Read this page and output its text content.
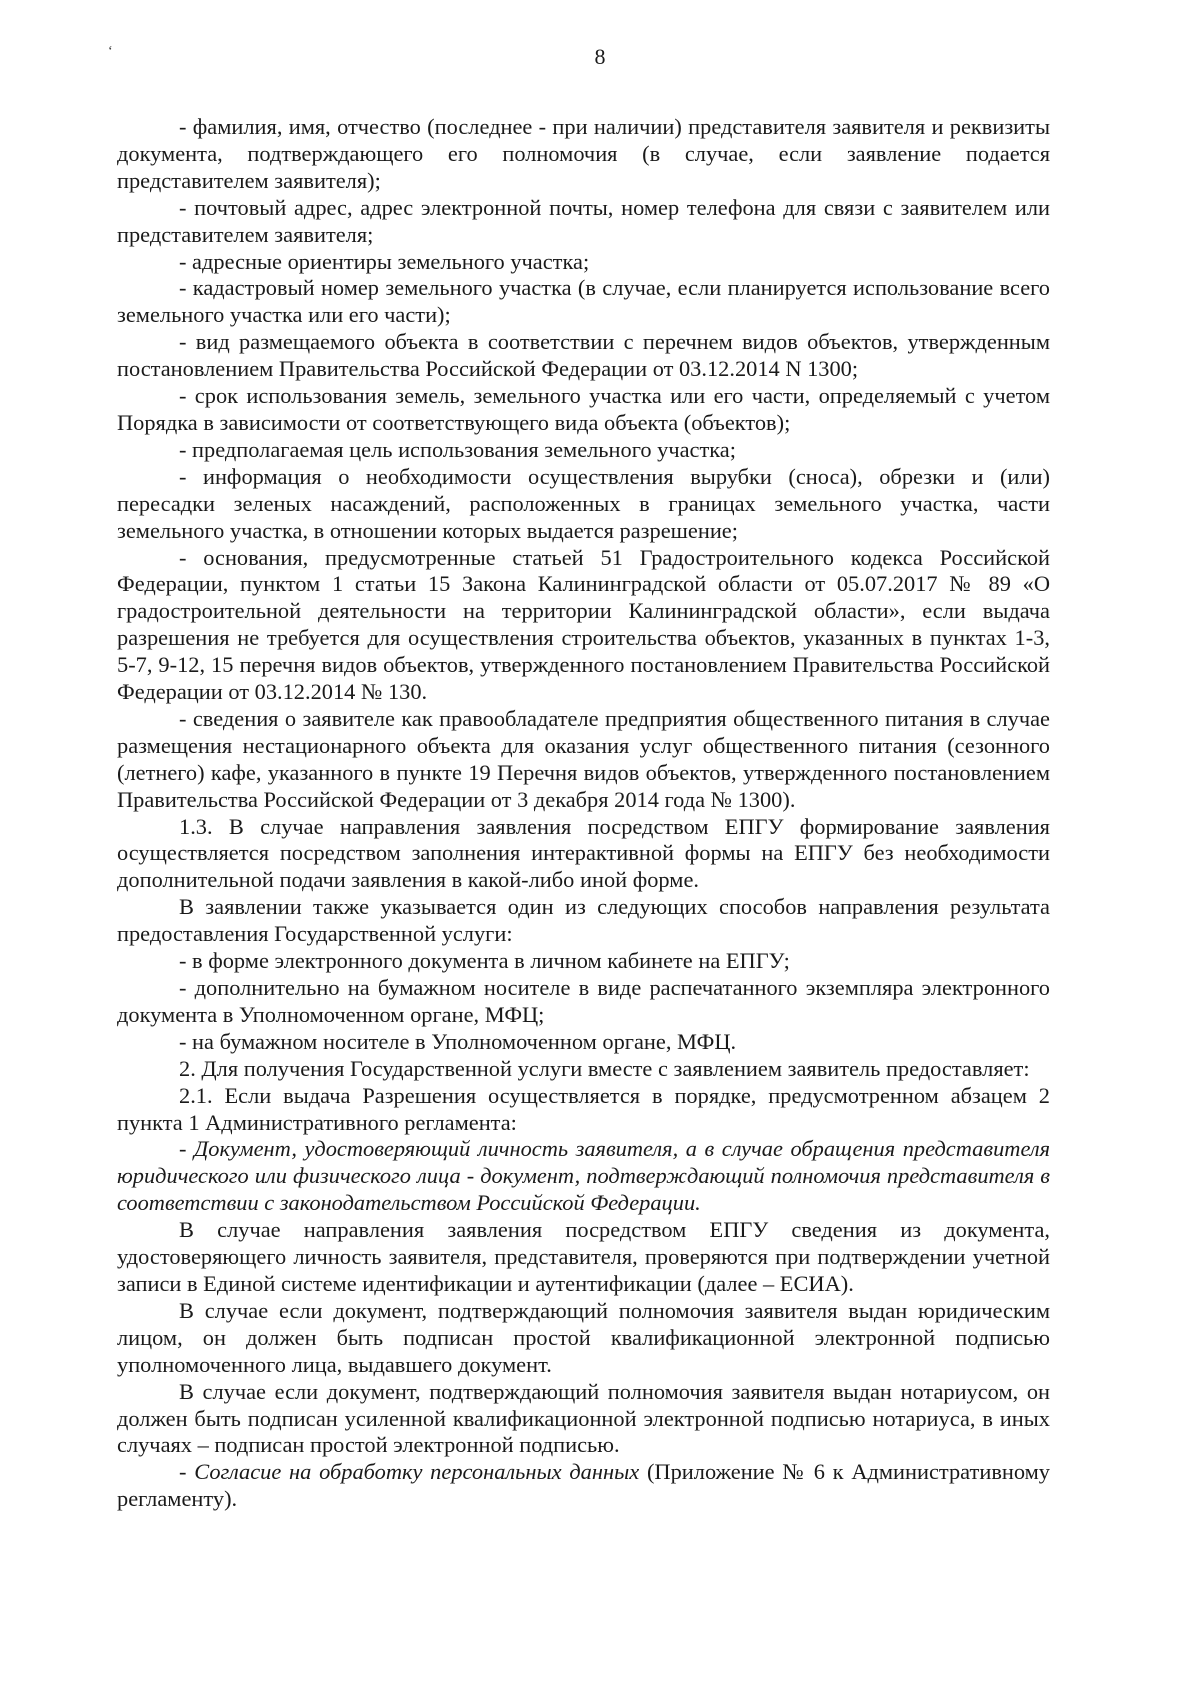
‘	8

- фамилия, имя, отчество (последнее - при наличии) представителя заявителя и реквизиты документа, подтверждающего его полномочия (в случае, если заявление подается представителем заявителя);

- почтовый адрес, адрес электронной почты, номер телефона для связи с заявителем или представителем заявителя;

- адресные ориентиры земельного участка;

- кадастровый номер земельного участка (в случае, если планируется использование всего земельного участка или его части);

- вид размещаемого объекта в соответствии с перечнем видов объектов, утвержденным постановлением Правительства Российской Федерации от 03.12.2014 N 1300;

- срок использования земель, земельного участка или его части, определяемый с учетом Порядка в зависимости от соответствующего вида объекта (объектов);

- предполагаемая цель использования земельного участка;

- информация о необходимости осуществления вырубки (сноса), обрезки и (или) пересадки зеленых насаждений, расположенных в границах земельного участка, части земельного участка, в отношении которых выдается разрешение;

- основания, предусмотренные статьей 51 Градостроительного кодекса Российской Федерации, пунктом 1 статьи 15 Закона Калининградской области от 05.07.2017 № 89 «О градостроительной деятельности на территории Калининградской области», если выдача разрешения не требуется для осуществления строительства объектов, указанных в пунктах 1-3, 5-7, 9-12, 15 перечня видов объектов, утвержденного постановлением Правительства Российской Федерации от 03.12.2014 № 130.

- сведения о заявителе как правообладателе предприятия общественного питания в случае размещения нестационарного объекта для оказания услуг общественного питания (сезонного (летнего) кафе, указанного в пункте 19 Перечня видов объектов, утвержденного постановлением Правительства Российской Федерации от 3 декабря 2014 года № 1300).

1.3. В случае направления заявления посредством ЕПГУ формирование заявления осуществляется посредством заполнения интерактивной формы на ЕПГУ без необходимости дополнительной подачи заявления в какой-либо иной форме.

В заявлении также указывается один из следующих способов направления результата предоставления Государственной услуги:

- в форме электронного документа в личном кабинете на ЕПГУ;

- дополнительно на бумажном носителе в виде распечатанного экземпляра электронного документа в Уполномоченном органе, МФЦ;

- на бумажном носителе в Уполномоченном органе, МФЦ.

2. Для получения Государственной услуги вместе с заявлением заявитель предоставляет:

2.1. Если выдача Разрешения осуществляется в порядке, предусмотренном абзацем 2 пункта 1 Административного регламента:

- Документ, удостоверяющий личность заявителя, а в случае обращения представителя юридического или физического лица - документ, подтверждающий полномочия представителя в соответствии с законодательством Российской Федерации.

В случае направления заявления посредством ЕПГУ сведения из документа, удостоверяющего личность заявителя, представителя, проверяются при подтверждении учетной записи в Единой системе идентификации и аутентификации (далее – ЕСИА).

В случае если документ, подтверждающий полномочия заявителя выдан юридическим лицом, он должен быть подписан простой квалификационной электронной подписью уполномоченного лица, выдавшего документ.

В случае если документ, подтверждающий полномочия заявителя выдан нотариусом, он должен быть подписан усиленной квалификационной электронной подписью нотариуса, в иных случаях – подписан простой электронной подписью.

- Согласие на обработку персональных данных (Приложение № 6 к Административному регламенту).
